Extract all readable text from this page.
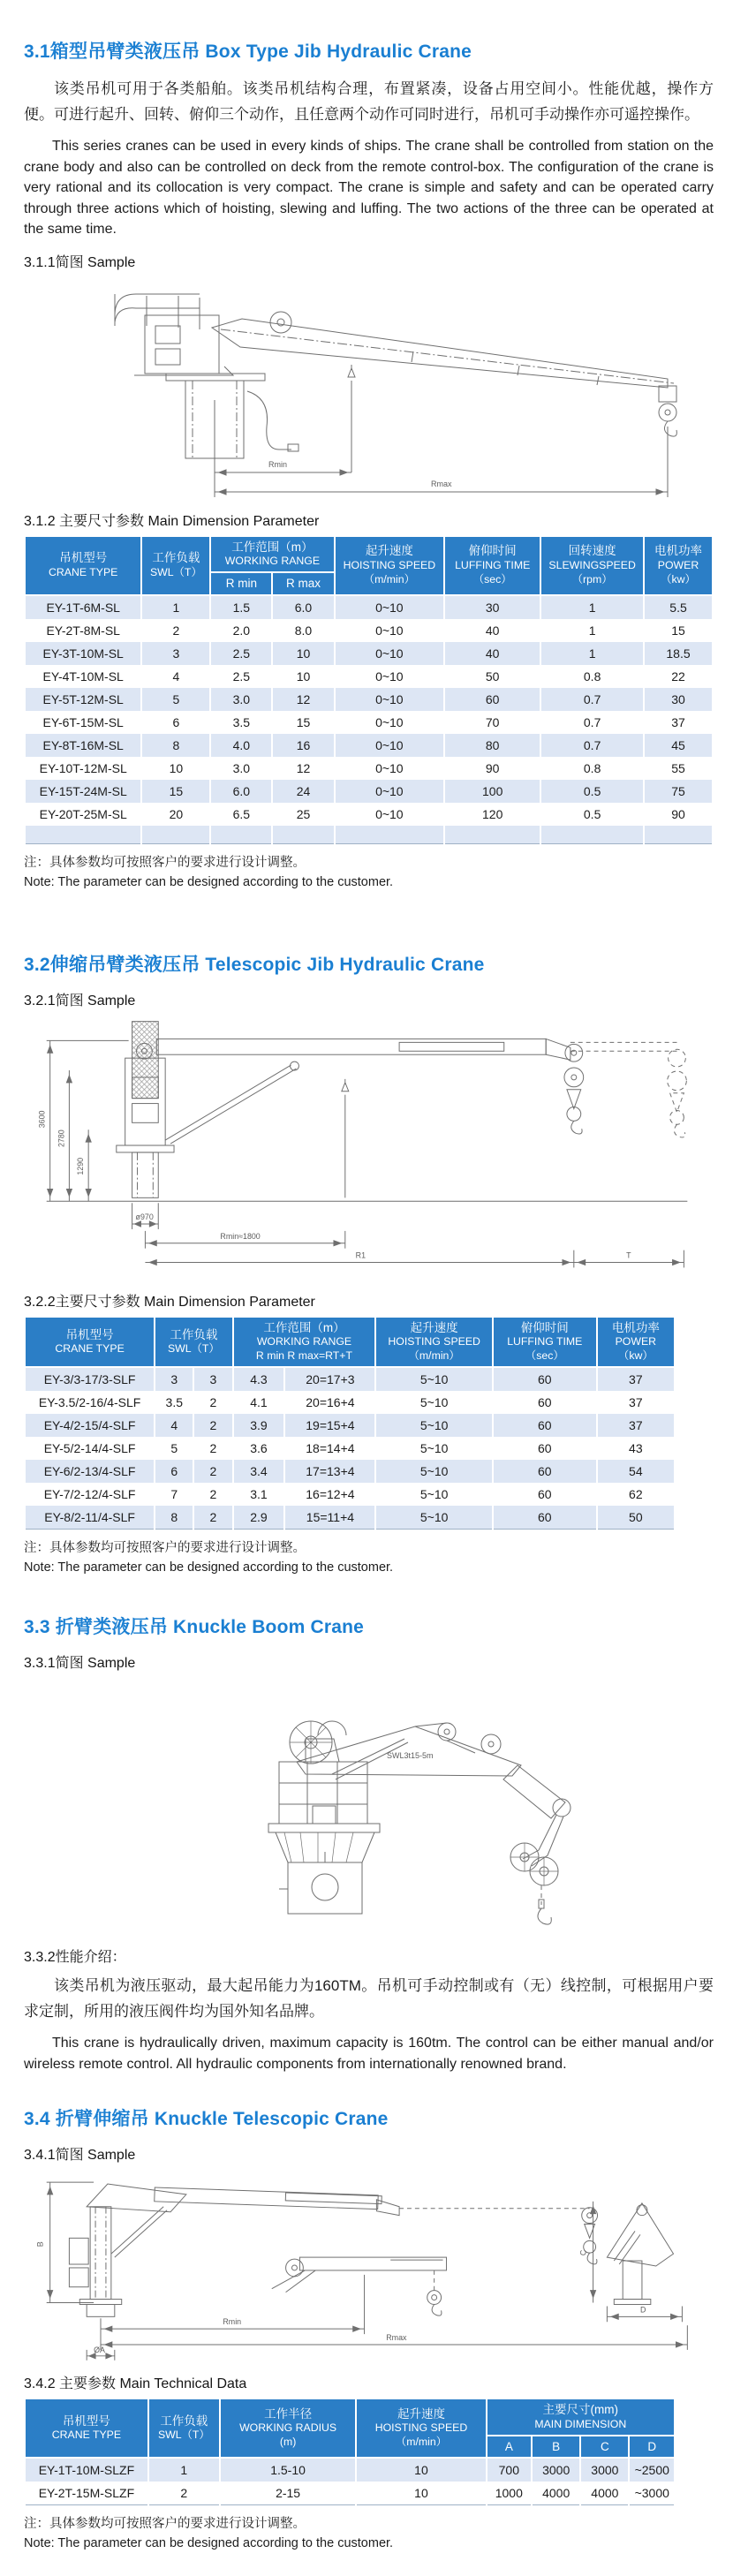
3.1箱型吊臂类液压吊 Box Type Jib Hydraulic Crane

该类吊机可用于各类船舶。该类吊机结构合理，布置紧凑，设备占用空间小。性能优越，操作方便。可进行起升、回转、俯仰三个动作，且任意两个动作可同时进行，吊机可手动操作亦可遥控操作。

This series cranes can be used in every kinds of ships. The crane shall be controlled from station on the crane body and also can be controlled on deck from the remote control-box. The configuration of the crane is very rational and its collocation is very compact. The crane is simple and safety and can be operated carry through three actions which of hoisting, slewing and luffing. The two actions of the three can be operated at the same time.

3.1.1简图 Sample
Rmin
Rmax
3.1.2 主要尺寸参数 Main Dimension Parameter
吊机型号
CRANE TYPE	工作负载
SWL（T）	工作范围（m）
WORKING RANGE		起升速度
HOISTING SPEED
（m/min）	俯仰时间
LUFFING TIME
（sec）	回转速度
SLEWINGSPEED
（rpm）	电机功率
POWER
（kw）

		R min	R max				
EY-1T-6M-SL	1	1.5	6.0	0~10	30	1	5.5
EY-2T-8M-SL	2	2.0	8.0	0~10	40	1	15
EY-3T-10M-SL	3	2.5	10	0~10	40	1	18.5
EY-4T-10M-SL	4	2.5	10	0~10	50	0.8	22
EY-5T-12M-SL	5	3.0	12	0~10	60	0.7	30
EY-6T-15M-SL	6	3.5	15	0~10	70	0.7	37
EY-8T-16M-SL	8	4.0	16	0~10	80	0.7	45
EY-10T-12M-SL	10	3.0	12	0~10	90	0.8	55
EY-15T-24M-SL	15	6.0	24	0~10	100	0.5	75
EY-20T-25M-SL	20	6.5	25	0~10	120	0.5	90

注：具体参数均可按照客户的要求进行设计调整。
Note: The parameter can be designed according to the customer.
3.2伸缩吊臂类液压吊 Telescopic Jib Hydraulic Crane
3.2.1简图 Sample
3600
2780
1290
ø970
Rmin≈1800
R1	T
3.2.2主要尺寸参数 Main Dimension Parameter
吊机型号
CRANE TYPE	工作负载
SWL（T）		工作范围（m）
WORKING RANGE
R min R max=RT+T		起升速度
HOISTING SPEED
（m/min）	俯仰时间
LUFFING TIME
（sec）	电机功率
POWER
（kw）

EY-3/3-17/3-SLF	3	3	4.3	20=17+3	5~10	60	37
EY-3.5/2-16/4-SLF	3.5	2	4.1	20=16+4	5~10	60	37
EY-4/2-15/4-SLF	4	2	3.9	19=15+4	5~10	60	37
EY-5/2-14/4-SLF	5	2	3.6	18=14+4	5~10	60	43
EY-6/2-13/4-SLF	6	2	3.4	17=13+4	5~10	60	54
EY-7/2-12/4-SLF	7	2	3.1	16=12+4	5~10	60	62
EY-8/2-11/4-SLF	8	2	2.9	15=11+4	5~10	60	50
注：具体参数均可按照客户的要求进行设计调整。
Note: The parameter can be designed according to the customer.
3.3 折臂类液压吊 Knuckle Boom Crane
3.3.1简图 Sample
SWL3t15-5m
3.3.2性能介绍：

该类吊机为液压驱动，最大起吊能力为160TM。吊机可手动控制或有（无）线控制，可根据用户要求定制，所用的液压阀件均为国外知名品牌。

This crane is hydraulically driven, maximum capacity is 160tm. The control can be either manual and/or wireless remote control. All hydraulic components from internationally renowned brand.

3.4 折臂伸缩吊 Knuckle Telescopic Crane
3.4.1简图 Sample
B
C
D
Rmin
Rmax
ØA
3.4.2 主要参数 Main Technical Data
吊机型号
CRANE TYPE	工作负载
SWL（T）	工作半径
WORKING RADIUS
(m)	起升速度
HOISTING SPEED
（m/min）	主要尺寸(mm)
MAIN DIMENSION			

				A	B	C	D
EY-1T-10M-SLZF	1	1.5-10	10	700	3000	3000	~2500
EY-2T-15M-SLZF	2	2-15	10	1000	4000	4000	~3000
注：具体参数均可按照客户的要求进行设计调整。
Note: The parameter can be designed according to the customer.
